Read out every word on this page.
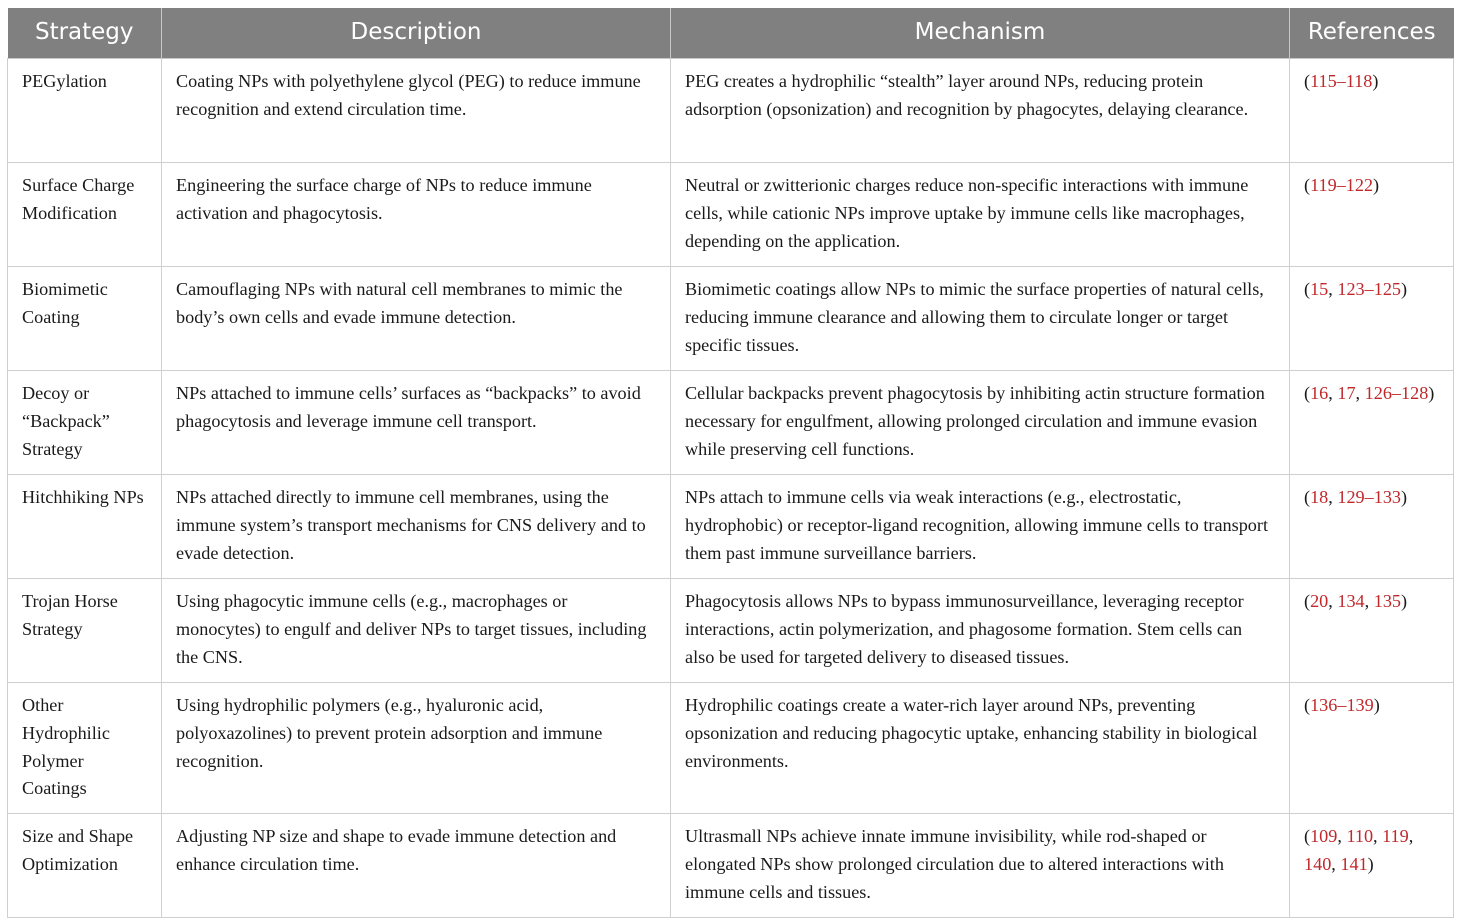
Strategy	Description	Mechanism	References
PEGylation	Coating NPs with polyethylene glycol (PEG) to reduce immune recognition and extend circulation time.	PEG creates a hydrophilic “stealth” layer around NPs, reducing protein adsorption (opsonization) and recognition by phagocytes, delaying clearance.	(115–118)
Surface Charge Modification	Engineering the surface charge of NPs to reduce immune activation and phagocytosis.	Neutral or zwitterionic charges reduce non-specific interactions with immune cells, while cationic NPs improve uptake by immune cells like macrophages, depending on the application.	(119–122)
Biomimetic Coating	Camouflaging NPs with natural cell membranes to mimic the body’s own cells and evade immune detection.	Biomimetic coatings allow NPs to mimic the surface properties of natural cells, reducing immune clearance and allowing them to circulate longer or target specific tissues.	(15, 123–125)
Decoy or “Backpack” Strategy	NPs attached to immune cells’ surfaces as “backpacks” to avoid phagocytosis and leverage immune cell transport.	Cellular backpacks prevent phagocytosis by inhibiting actin structure formation necessary for engulfment, allowing prolonged circulation and immune evasion while preserving cell functions.	(16, 17, 126–128)
Hitchhiking NPs	NPs attached directly to immune cell membranes, using the immune system’s transport mechanisms for CNS delivery and to evade detection.	NPs attach to immune cells via weak interactions (e.g., electrostatic, hydrophobic) or receptor-ligand recognition, allowing immune cells to transport them past immune surveillance barriers.	(18, 129–133)
Trojan Horse Strategy	Using phagocytic immune cells (e.g., macrophages or monocytes) to engulf and deliver NPs to target tissues, including the CNS.	Phagocytosis allows NPs to bypass immunosurveillance, leveraging receptor interactions, actin polymerization, and phagosome formation. Stem cells can also be used for targeted delivery to diseased tissues.	(20, 134, 135)
Other Hydrophilic Polymer Coatings	Using hydrophilic polymers (e.g., hyaluronic acid, polyoxazolines) to prevent protein adsorption and immune recognition.	Hydrophilic coatings create a water-rich layer around NPs, preventing opsonization and reducing phagocytic uptake, enhancing stability in biological environments.	(136–139)
Size and Shape Optimization	Adjusting NP size and shape to evade immune detection and enhance circulation time.	Ultrasmall NPs achieve innate immune invisibility, while rod-shaped or elongated NPs show prolonged circulation due to altered interactions with immune cells and tissues.	(109, 110, 119, 140, 141)
